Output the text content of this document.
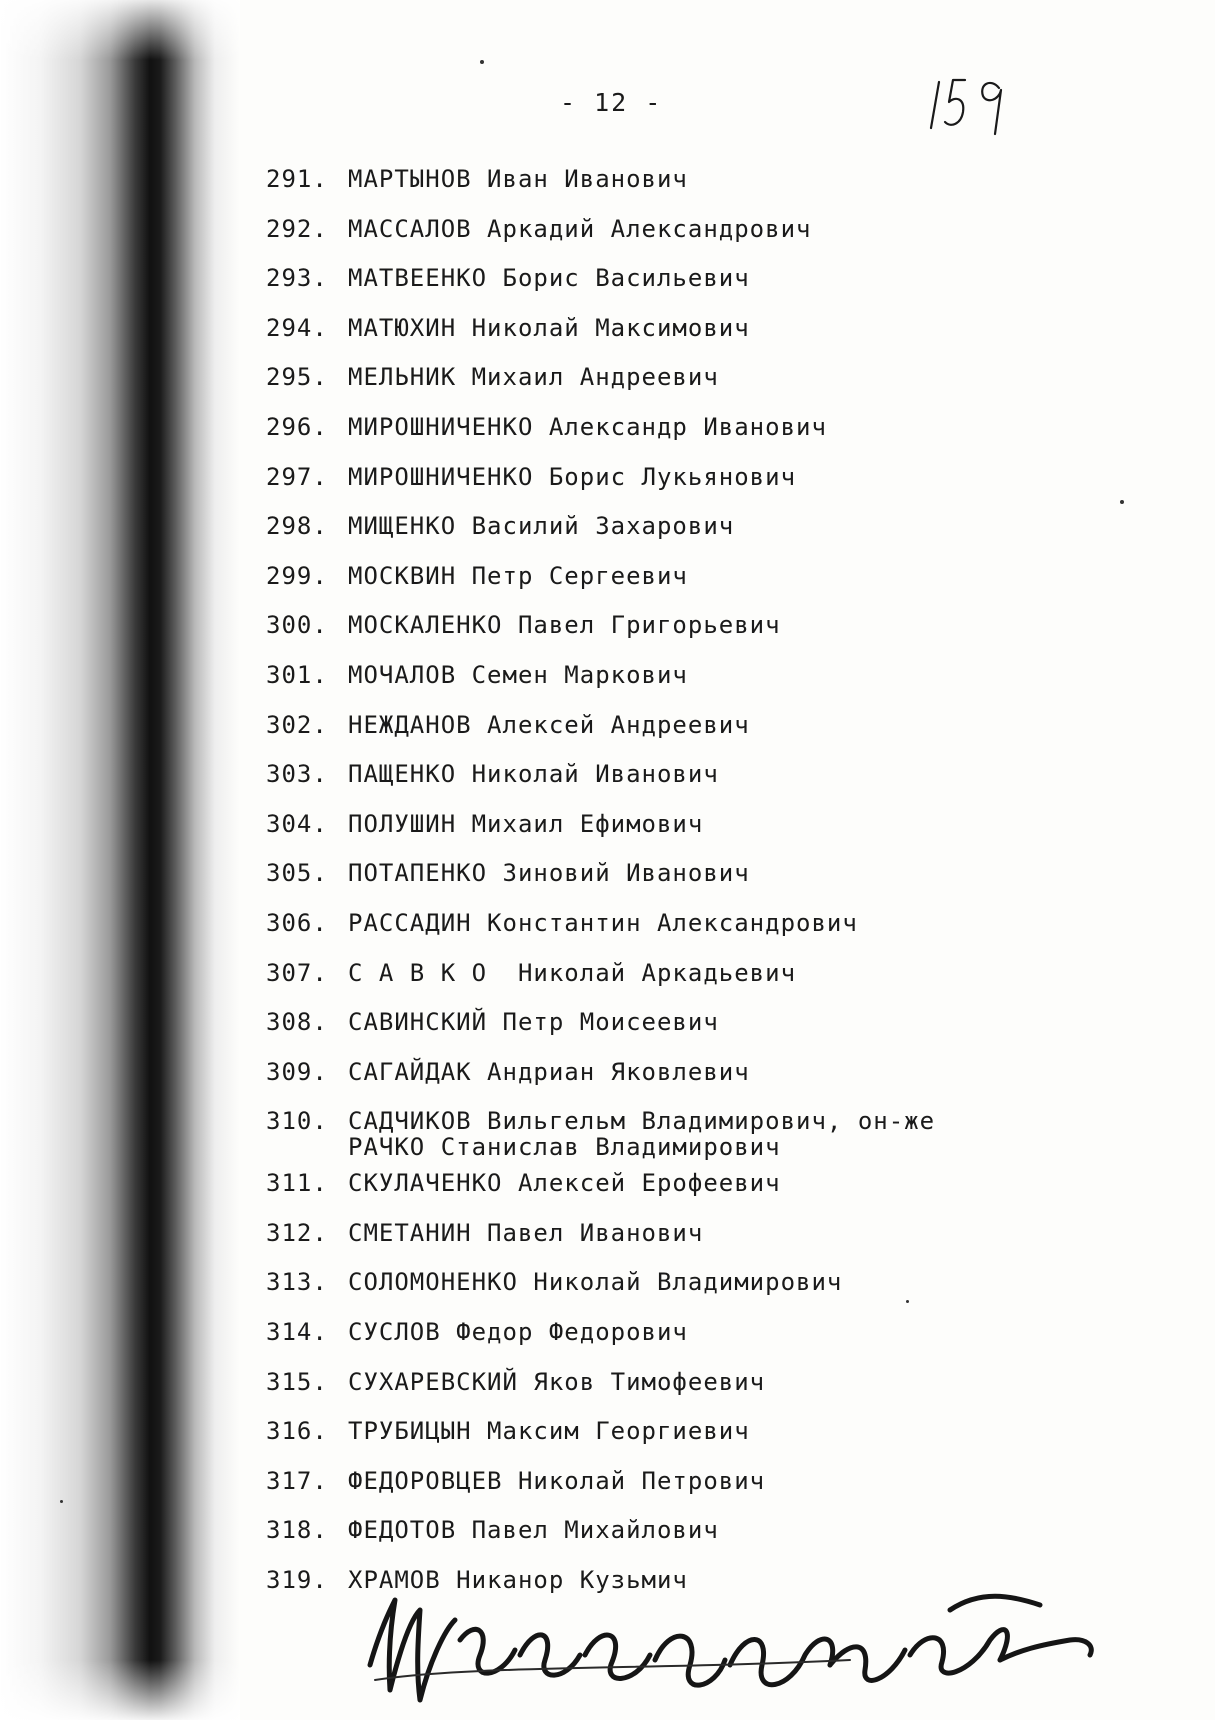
- 12 -
291. МАРТЫНОВ Иван Иванович
292. МАССАЛОВ Аркадий Александрович
293. МАТВЕЕНКО Борис Васильевич
294. МАТЮХИН Николай Максимович
295. МЕЛЬНИК Михаил Андреевич
296. МИРОШНИЧЕНКО Александр Иванович
297. МИРОШНИЧЕНКО Борис Лукьянович
298. МИЩЕНКО Василий Захарович
299. МОСКВИН Петр Сергеевич
300. МОСКАЛЕНКО Павел Григорьевич
301. МОЧАЛОВ Семен Маркович
302. НЕЖДАНОВ Алексей Андреевич
303. ПАЩЕНКО Николай Иванович
304. ПОЛУШИН Михаил Ефимович
305. ПОТАПЕНКО Зиновий Иванович
306. РАССАДИН Константин Александрович
307. С А В К О  Николай Аркадьевич
308. САВИНСКИЙ Петр Моисеевич
309. САГАЙДАК Андриан Яковлевич
310. САДЧИКОВ Вильгельм Владимирович, он-же
РАЧКО Станислав Владимирович
311. СКУЛАЧЕНКО Алексей Ерофеевич
312. СМЕТАНИН Павел Иванович
313. СОЛОМОНЕНКО Николай Владимирович
314. СУСЛОВ Федор Федорович
315. СУХАРЕВСКИЙ Яков Тимофеевич
316. ТРУБИЦЫН Максим Георгиевич
317. ФЕДОРОВЦЕВ Николай Петрович
318. ФЕДОТОВ Павел Михайлович
319. ХРАМОВ Никанор Кузьмич
